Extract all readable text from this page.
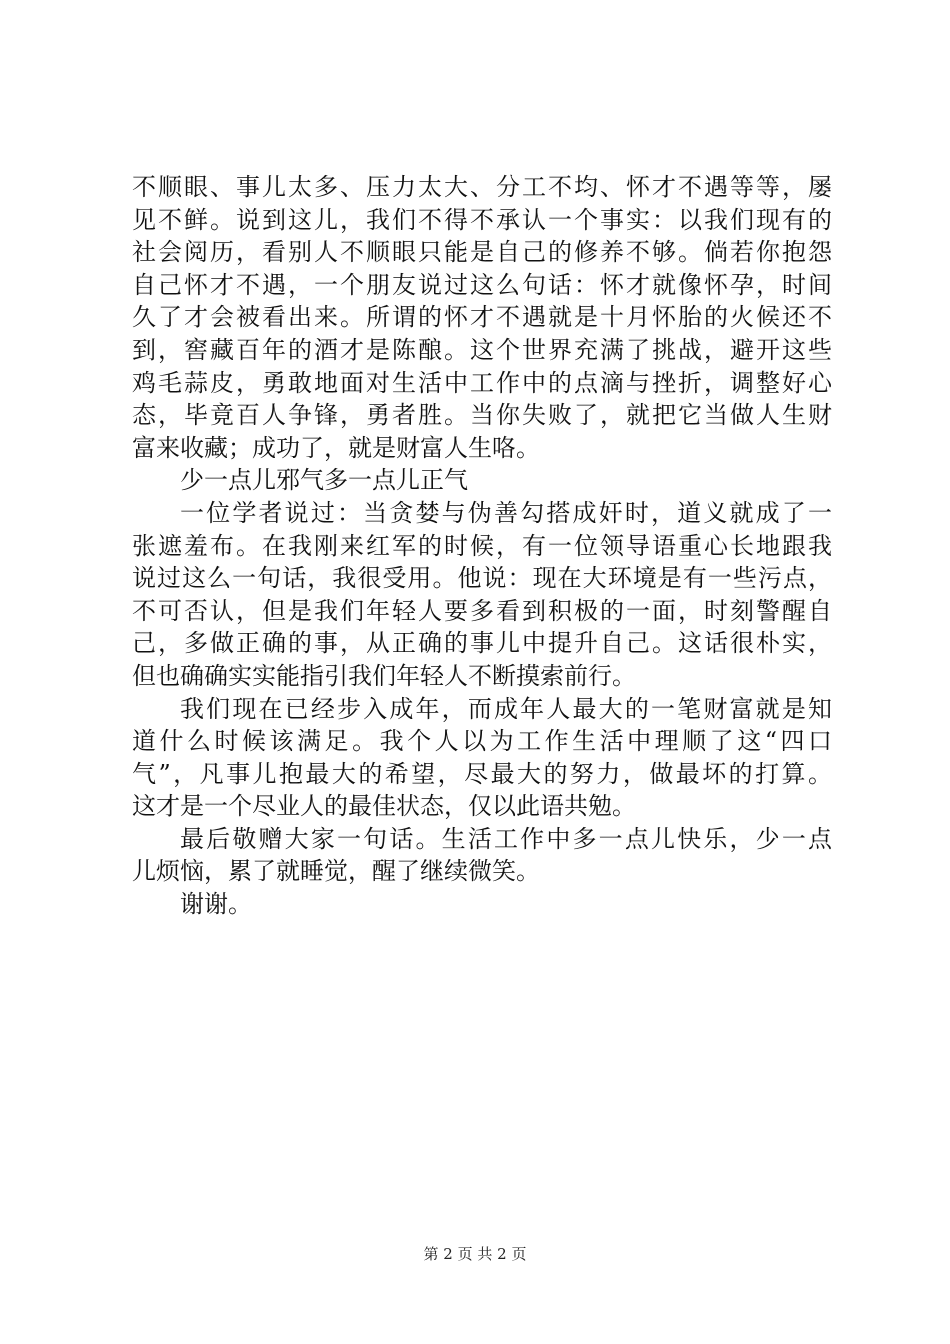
不顺眼、事儿太多、压力太大、分工不均、怀才不遇等等，屡
见不鲜。说到这儿，我们不得不承认一个事实：以我们现有的
社会阅历，看别人不顺眼只能是自己的修养不够。倘若你抱怨
自己怀才不遇，一个朋友说过这么句话：怀才就像怀孕，时间
久了才会被看出来。所谓的怀才不遇就是十月怀胎的火候还不
到，窖藏百年的酒才是陈酿。这个世界充满了挑战，避开这些
鸡毛蒜皮，勇敢地面对生活中工作中的点滴与挫折，调整好心
态，毕竟百人争锋，勇者胜。当你失败了，就把它当做人生财
富来收藏；成功了，就是财富人生咯。
少一点儿邪气多一点儿正气
一位学者说过：当贪婪与伪善勾搭成奸时，道义就成了一
张遮羞布。在我刚来红军的时候，有一位领导语重心长地跟我
说过这么一句话，我很受用。他说：现在大环境是有一些污点，
不可否认，但是我们年轻人要多看到积极的一面，时刻警醒自
己，多做正确的事，从正确的事儿中提升自己。这话很朴实，
但也确确实实能指引我们年轻人不断摸索前行。
我们现在已经步入成年，而成年人最大的一笔财富就是知
道什么时候该满足。我个人以为工作生活中理顺了这“四口
气”，凡事儿抱最大的希望，尽最大的努力，做最坏的打算。
这才是一个尽业人的最佳状态，仅以此语共勉。
最后敬赠大家一句话。生活工作中多一点儿快乐，少一点
儿烦恼，累了就睡觉，醒了继续微笑。
谢谢。
第 2 页 共 2 页
